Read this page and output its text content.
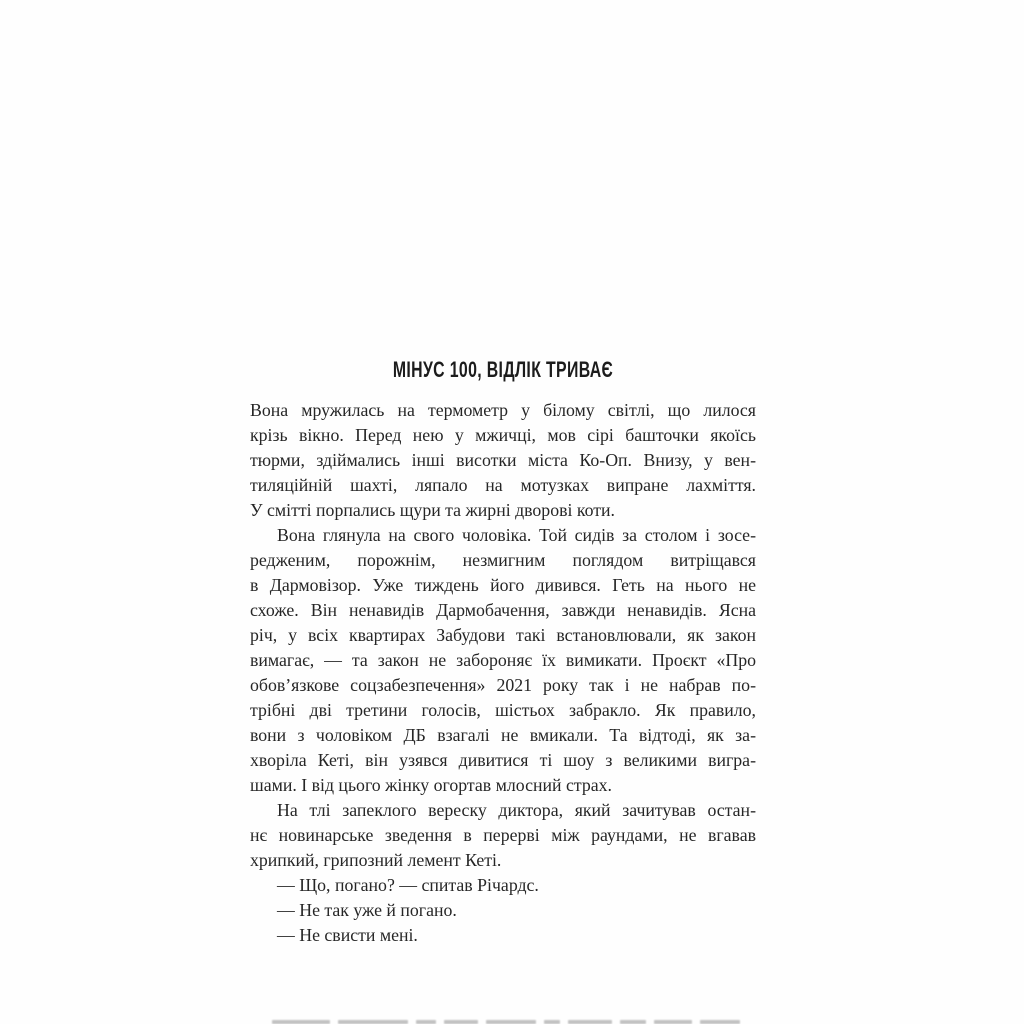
МІНУС 100, ВІДЛІК ТРИВАЄ
Вона мружилась на термометр у білому світлі, що лилося
крізь вікно. Перед нею у мжичці, мов сірі башточки якоїсь
тюрми, здіймались інші висотки міста Ко-Оп. Внизу, у вен-
тиляційній шахті, ляпало на мотузках випране лахміття.
У смітті порпались щури та жирні дворові коти.
Вона глянула на свого чоловіка. Той сидів за столом і зосе-
редженим, порожнім, незмигним поглядом витріщався
в Дармовізор. Уже тиждень його дивився. Геть на нього не
схоже. Він ненавидів Дармобачення, завжди ненавидів. Ясна
річ, у всіх квартирах Забудови такі встановлювали, як закон
вимагає, — та закон не забороняє їх вимикати. Проєкт «Про
обов’язкове соцзабезпечення» 2021 року так і не набрав по-
трібні дві третини голосів, шістьох забракло. Як правило,
вони з чоловіком ДБ взагалі не вмикали. Та відтоді, як за-
хворіла Кеті, він узявся дивитися ті шоу з великими вигра-
шами. І від цього жінку огортав млосний страх.
На тлі запеклого вереску диктора, який зачитував остан-
нє новинарське зведення в перерві між раундами, не вгавав
хрипкий, грипозний лемент Кеті.
— Що, погано? — спитав Річардс.
— Не так уже й погано.
— Не свисти мені.
